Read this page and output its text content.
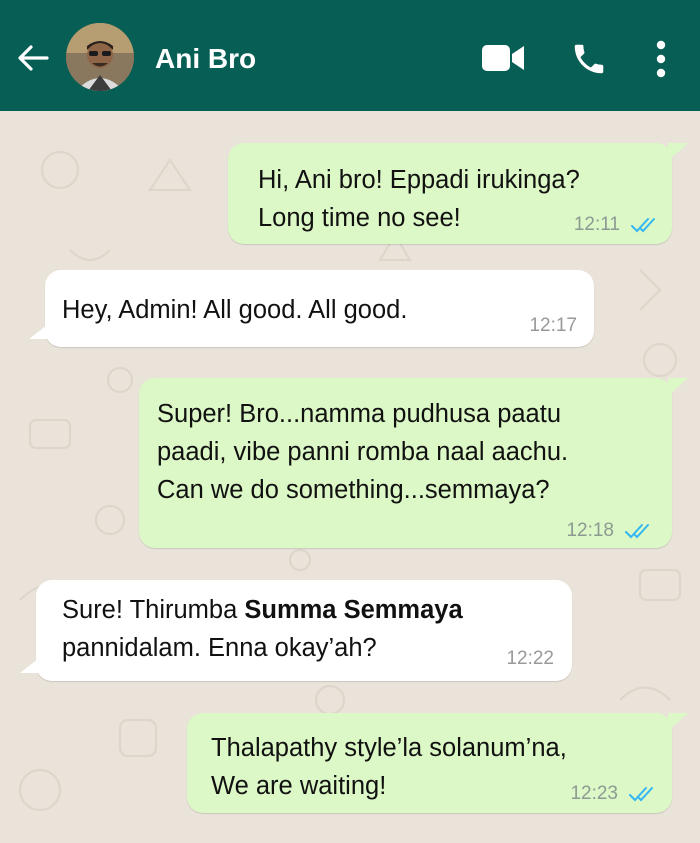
Ani Bro
Hi, Ani bro! Eppadi irukinga?
Long time no see!	12:11
Hey, Admin! All good. All good.
12:17
Super! Bro...namma pudhusa paatu
paadi, vibe panni romba naal aachu.
Can we do something...semmaya?
12:18
Sure! Thirumba Summa Semmaya
pannidalam. Enna okay’ah?	12:22
Thalapathy style’la solanum’na,
We are waiting!	12:23
